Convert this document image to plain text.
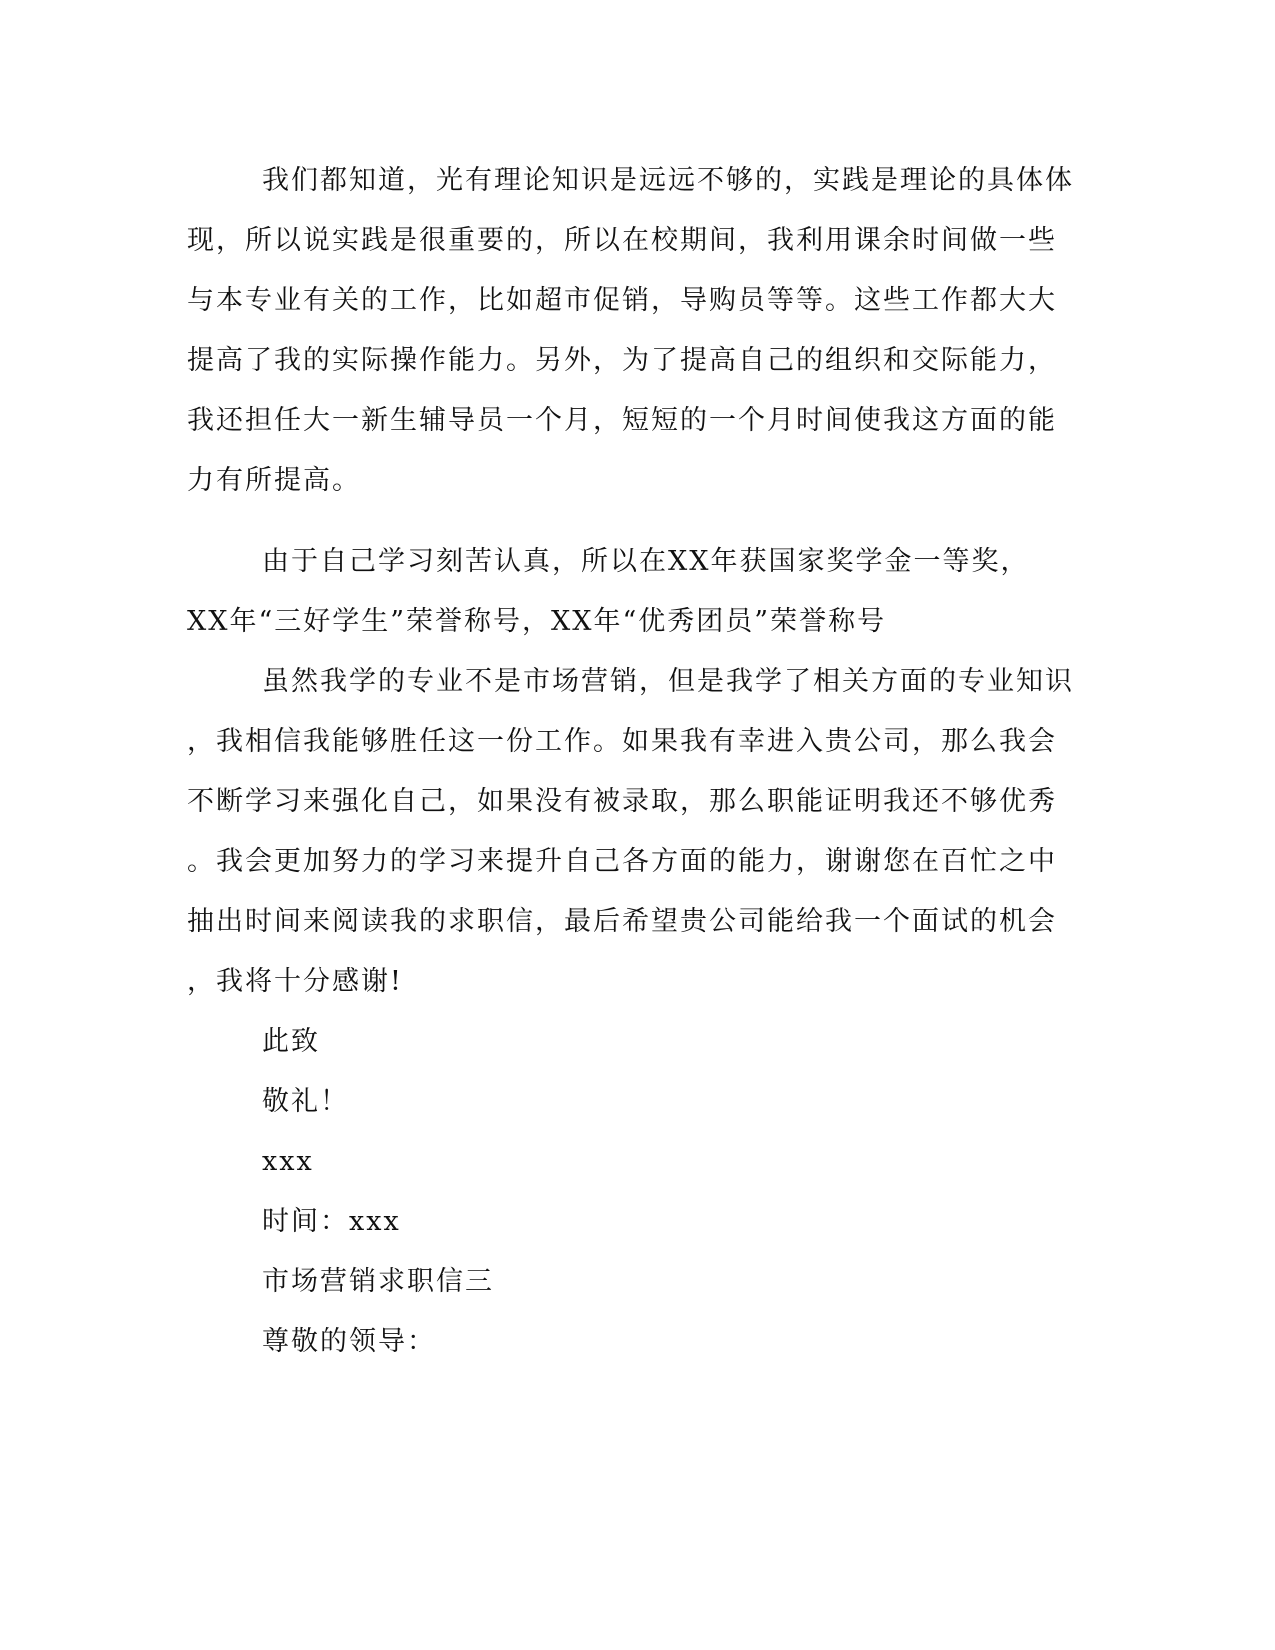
我们都知道，光有理论知识是远远不够的，实践是理论的具体体
现，所以说实践是很重要的，所以在校期间，我利用课余时间做一些
与本专业有关的工作，比如超市促销，导购员等等。这些工作都大大
提高了我的实际操作能力。另外，为了提高自己的组织和交际能力，
我还担任大一新生辅导员一个月，短短的一个月时间使我这方面的能
力有所提高。
由于自己学习刻苦认真，所以在XX年获国家奖学金一等奖，
XX年“三好学生”荣誉称号，XX年“优秀团员”荣誉称号
虽然我学的专业不是市场营销，但是我学了相关方面的专业知识
，我相信我能够胜任这一份工作。如果我有幸进入贵公司，那么我会
不断学习来强化自己，如果没有被录取，那么职能证明我还不够优秀
。我会更加努力的学习来提升自己各方面的能力，谢谢您在百忙之中
抽出时间来阅读我的求职信，最后希望贵公司能给我一个面试的机会
，我将十分感谢!
此致
敬礼！
xxx
时间：xxx
市场营销求职信三
尊敬的领导：
